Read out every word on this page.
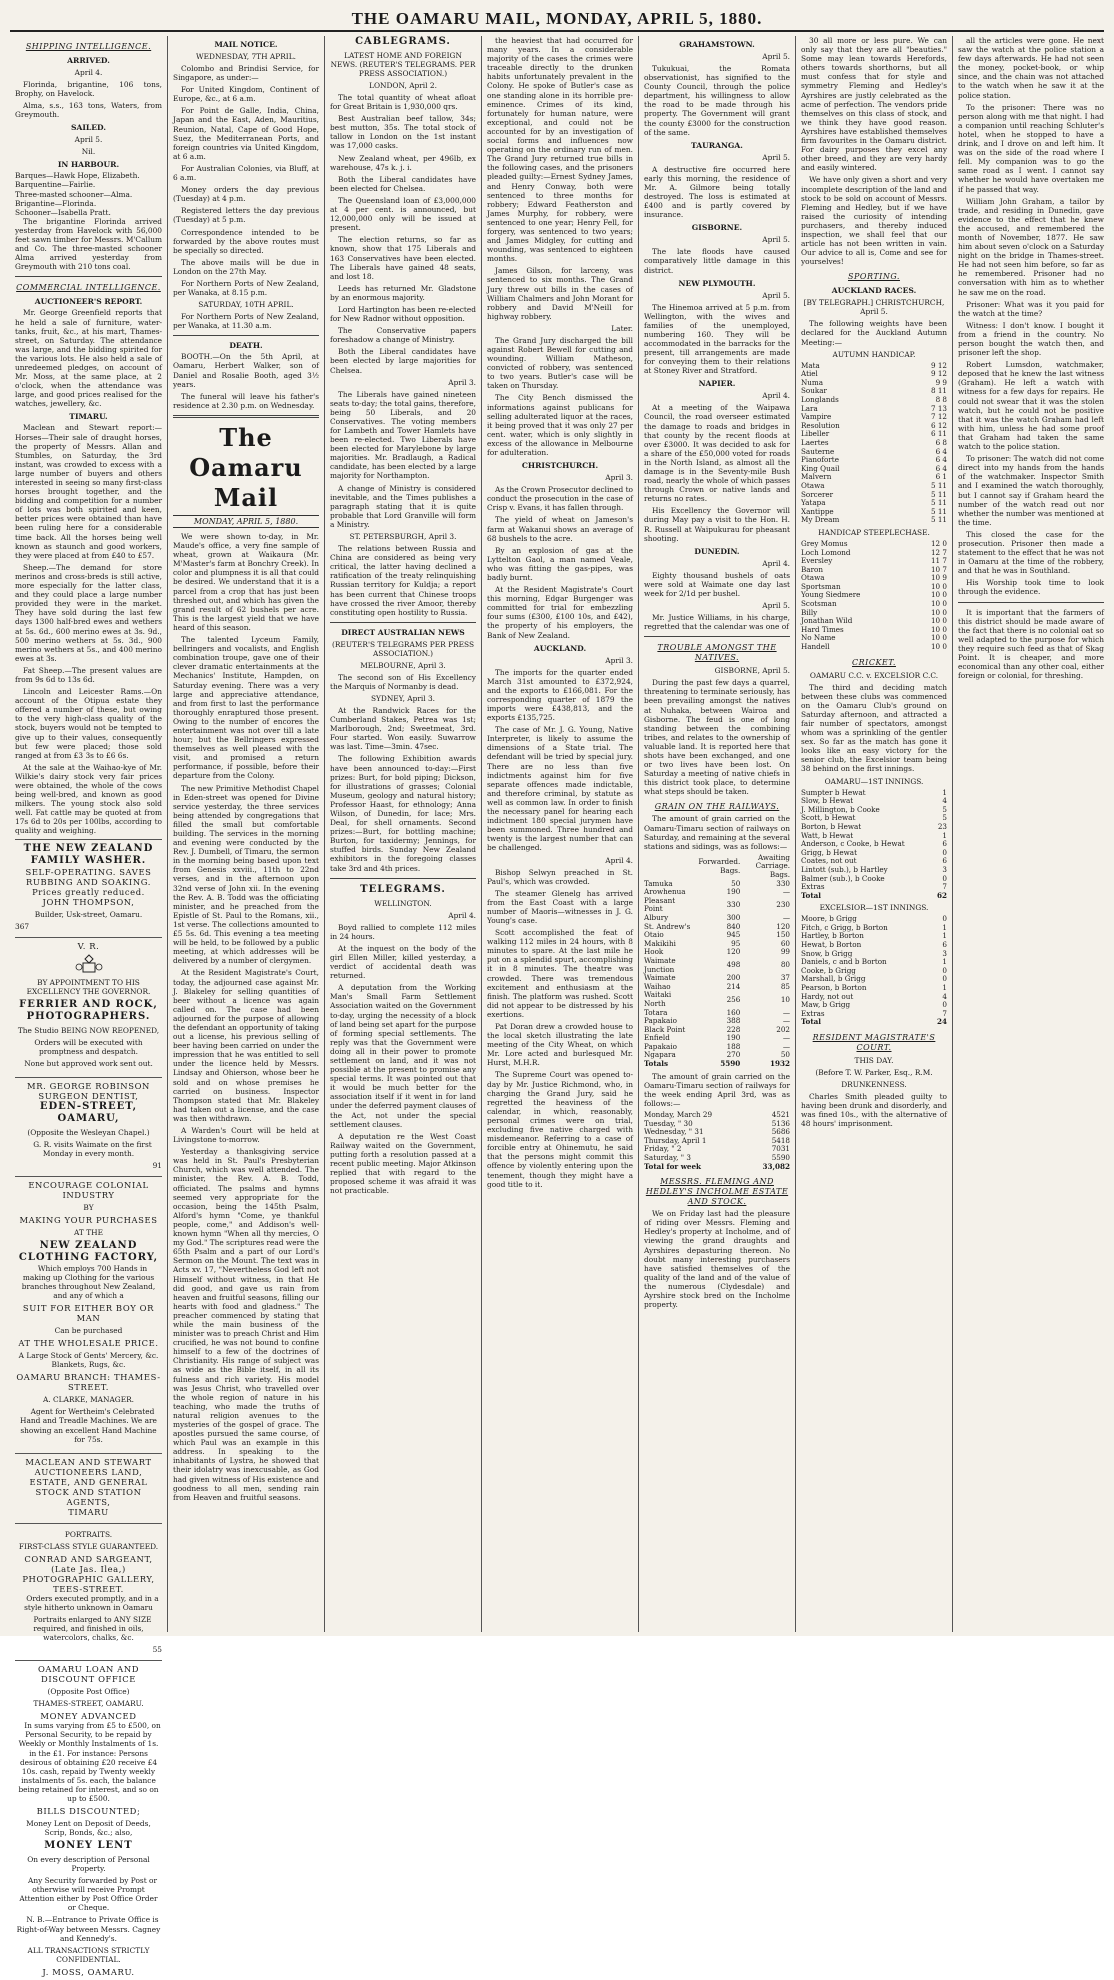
THE OAMARU MAIL, MONDAY, APRIL 5, 1880.
SHIPPING INTELLIGENCE.
ARRIVED.
April 4.
Florinda, brigantine, 106 tons, Brophy, on Havelock.
Alma, s.s., 163 tons, Waters, from Greymouth.
SAILED.
April 5.
Nil.
IN HARBOUR.
Barques—Hawk Hope, Elizabeth.
Barquentine—Fairlie.
Three-masted schooner—Alma.
Brigantine—Florinda.
Schooner—Isabella Pratt.
The brigantine Florinda arrived yesterday from Havelock with 56,000 feet sawn timber for Messrs. M'Callum and Co. The three-masted schooner Alma arrived yesterday from Greymouth with 210 tons coal.
COMMERCIAL INTELLIGENCE.
AUCTIONEER'S REPORT.
Mr. George Greenfield reports that he held a sale of furniture, water-tanks, fruit, &c., at his mart, Thames-street, on Saturday. The attendance was large, and the bidding spirited for the various lots. He also held a sale of unredeemed pledges, on account of Mr. Moss, at the same place, at 2 o'clock, when the attendance was large, and good prices realised for the watches, jewellery, &c.
TIMARU.
Maclean and Stewart report:—Horses—Their sale of draught horses, the property of Messrs. Allan and Stumbles, on Saturday, the 3rd instant, was crowded to excess with a large number of buyers and others interested in seeing so many first-class horses brought together, and the bidding and competition for a number of lots was both spirited and keen, better prices were obtained than have been ruling here for a considerable time back. All the horses being well known as staunch and good workers, they were placed at from £40 to £57.
Sheep.—The demand for store merinos and cross-breds is still active, more especially for the latter class, and they could place a large number provided they were in the market. They have sold during the last few days 1300 half-bred ewes and wethers at 5s. 6d., 600 merino ewes at 3s. 9d., 500 merino wethers at 5s. 3d., 900 merino wethers at 5s., and 400 merino ewes at 3s.
Fat Sheep.—The present values are from 9s 6d to 13s 6d.
Lincoln and Leicester Rams.—On account of the Otipua estate they offered a number of these, but owing to the very high-class quality of the stock, buyers would not be tempted to give up to their values, consequently but few were placed; those sold ranged at from £3 3s to £6 6s.
At the sale at the Waihao-kye of Mr. Wilkie's dairy stock very fair prices were obtained, the whole of the cows being well-bred, and known as good milkers. The young stock also sold well. Fat cattle may be quoted at from 17s 6d to 20s per 100lbs, according to quality and weighing.
THE NEW ZEALAND FAMILY WASHER.
SELF-OPERATING. SAVES RUBBING AND SOAKING. Prices greatly reduced.
JOHN THOMPSON,
Builder, Usk-street, Oamaru.
367
V. R.
BY APPOINTMENT TO HIS EXCELLENCY THE GOVERNOR.
FERRIER AND ROCK, PHOTOGRAPHERS.
The Studio BEING NOW REOPENED,
Orders will be executed with promptness and despatch.
None but approved work sent out.
MR. GEORGE ROBINSON SURGEON DENTIST,
EDEN-STREET, OAMARU,
(Opposite the Wesleyan Chapel.)
G. R. visits Waimate on the first Monday in every month.
91
ENCOURAGE COLONIAL INDUSTRY
BY
MAKING YOUR PURCHASES
AT THE
NEW ZEALAND CLOTHING FACTORY,
Which employs 700 Hands in making up Clothing for the various branches throughout New Zealand, and any of which a
SUIT FOR EITHER BOY OR MAN
Can be purchased
AT THE WHOLESALE PRICE.
A Large Stock of Gents' Mercery, &c. Blankets, Rugs, &c.
OAMARU BRANCH: THAMES-STREET.
A. CLARKE, MANAGER.
Agent for Wertheim's Celebrated Hand and Treadle Machines. We are showing an excellent Hand Machine for 75s.
MACLEAN AND STEWART AUCTIONEERS LAND, ESTATE, AND GENERAL STOCK AND STATION AGENTS,
TIMARU
PORTRAITS.
FIRST-CLASS STYLE GUARANTEED.
CONRAD AND SARGEANT, (Late Jas. Ilea,) PHOTOGRAPHIC GALLERY, TEES-STREET.
Orders executed promptly, and in a style hitherto unknown in Oamaru
Portraits enlarged to ANY SIZE required, and finished in oils, watercolors, chalks, &c.
55
OAMARU LOAN AND DISCOUNT OFFICE
(Opposite Post Office)
THAMES-STREET, OAMARU.
MONEY ADVANCED
In sums varying from £5 to £500, on Personal Security, to be repaid by Weekly or Monthly Instalments of 1s. in the £1. For instance: Persons desirous of obtaining £20 receive £4 10s. cash, repaid by Twenty weekly instalments of 5s. each, the balance being retained for interest, and so on up to £500.
BILLS DISCOUNTED;
Money Lent on Deposit of Deeds, Scrip, Bonds, &c.; also,
MONEY LENT
On every description of Personal Property.
Any Security forwarded by Post or otherwise will receive Prompt Attention either by Post Office Order or Cheque.
N. B.—Entrance to Private Office is Right-of-Way between Messrs. Cagney and Kennedy's.
ALL TRANSACTIONS STRICTLY CONFIDENTIAL.
J. MOSS, OAMARU.
MAIL NOTICE.
WEDNESDAY, 7TH APRIL.
Colombo and Brindisi Service, for Singapore, as under:—
For United Kingdom, Continent of Europe, &c., at 6 a.m.
For Point de Galle, India, China, Japan and the East, Aden, Mauritius, Reunion, Natal, Cape of Good Hope, Suez, the Mediterranean Ports, and foreign countries via United Kingdom, at 6 a.m.
For Australian Colonies, via Bluff, at 6 a.m.
Money orders the day previous (Tuesday) at 4 p.m.
Registered letters the day previous (Tuesday) at 5 p.m.
Correspondence intended to be forwarded by the above routes must be specially so directed.
The above mails will be due in London on the 27th May.
For Northern Ports of New Zealand, per Wanaka, at 8.15 p.m.
SATURDAY, 10TH APRIL.
For Northern Ports of New Zealand, per Wanaka, at 11.30 a.m.
DEATH.
BOOTH.—On the 5th April, at Oamaru, Herbert Walker, son of Daniel and Rosalie Booth, aged 3½ years.
The funeral will leave his father's residence at 2.30 p.m. on Wednesday.
The Oamaru Mail
MONDAY, APRIL 5, 1880.
We were shown to-day, in Mr. Maude's office, a very fine sample of wheat, grown at Waikaura (Mr. M'Master's farm at Bonchry Creek). In color and plumpness it is all that could be desired. We understand that it is a parcel from a crop that has just been threshed out, and which has given the grand result of 62 bushels per acre. This is the largest yield that we have heard of this season.
The talented Lyceum Family, bellringers and vocalists, and English combination troupe, gave one of their clever dramatic entertainments at the Mechanics' Institute, Hampden, on Saturday evening. There was a very large and appreciative attendance, and from first to last the performance thoroughly enraptured those present. Owing to the number of encores the entertainment was not over till a late hour; but the Bellringers expressed themselves as well pleased with the visit, and promised a return performance, if possible, before their departure from the Colony.
The new Primitive Methodist Chapel in Eden-street was opened for Divine service yesterday, the three services being attended by congregations that filled the small but comfortable building. The services in the morning and evening were conducted by the Rev. J. Dumbell, of Timaru, the sermon in the morning being based upon text from Genesis xxviii., 11th to 22nd verses, and in the afternoon upon 32nd verse of John xii. In the evening the Rev. A. B. Todd was the officiating minister, and he preached from the Epistle of St. Paul to the Romans, xii., 1st verse. The collections amounted to £5 5s. 6d. This evening a tea meeting will be held, to be followed by a public meeting, at which addresses will be delivered by a number of clergymen.
At the Resident Magistrate's Court, today, the adjourned case against Mr. J. Blakeley for selling quantities of beer without a licence was again called on. The case had been adjourned for the purpose of allowing the defendant an opportunity of taking out a license, his previous selling of beer having been carried on under the impression that he was entitled to sell under the licence held by Messrs. Lindsay and Ohierson, whose beer he sold and on whose premises he carried on business. Inspector Thompson stated that Mr. Blakeley had taken out a license, and the case was then withdrawn.
A Warden's Court will be held at Livingstone to-morrow.
Yesterday a thanksgiving service was held in St. Paul's Presbyterian Church, which was well attended. The minister, the Rev. A. B. Todd, officiated. The psalms and hymns seemed very appropriate for the occasion, being the 145th Psalm, Alford's hymn "Come, ye thankful people, come," and Addison's well-known hymn "When all thy mercies, O my God." The scriptures read were the 65th Psalm and a part of our Lord's Sermon on the Mount. The text was in Acts xv. 17, "Nevertheless God left not Himself without witness, in that He did good, and gave us rain from heaven and fruitful seasons, filling our hearts with food and gladness." The preacher commenced by stating that while the main business of the minister was to preach Christ and Him crucified, he was not bound to confine himself to a few of the doctrines of Christianity. His range of subject was as wide as the Bible itself, in all its fulness and rich variety. His model was Jesus Christ, who travelled over the whole region of nature in his teaching, who made the truths of natural religion avenues to the mysteries of the gospel of grace. The apostles pursued the same course, of which Paul was an example in this address. In speaking to the inhabitants of Lystra, he showed that their idolatry was inexcusable, as God had given witness of His existence and goodness to all men, sending rain from Heaven and fruitful seasons.
CABLEGRAMS.
LATEST HOME AND FOREIGN NEWS. (REUTER'S TELEGRAMS. PER PRESS ASSOCIATION.)
LONDON, April 2.
The total quantity of wheat afloat for Great Britain is 1,930,000 qrs.
Best Australian beef tallow, 34s; best mutton, 35s. The total stock of tallow in London on the 1st instant was 17,000 casks.
New Zealand wheat, per 496lb, ex warehouse, 47s k. j. i.
Both the Liberal candidates have been elected for Chelsea.
The Queensland loan of £3,000,000 at 4 per cent. is announced, but 12,000,000 only will be issued at present.
The election returns, so far as known, show that 175 Liberals and 163 Conservatives have been elected. The Liberals have gained 48 seats, and lost 18.
Leeds has returned Mr. Gladstone by an enormous majority.
Lord Hartington has been re-elected for New Radnor without opposition.
The Conservative papers foreshadow a change of Ministry.
Both the Liberal candidates have been elected by large majorities for Chelsea.
April 3.
The Liberals have gained nineteen seats to-day; the total gains, therefore, being 50 Liberals, and 20 Conservatives. The voting members for Lambeth and Tower Hamlets have been re-elected. Two Liberals have been elected for Marylebone by large majorities. Mr. Bradlaugh, a Radical candidate, has been elected by a large majority for Northampton.
A change of Ministry is considered inevitable, and the Times publishes a paragraph stating that it is quite probable that Lord Granville will form a Ministry.
ST. PETERSBURGH, April 3.
The relations between Russia and China are considered as being very critical, the latter having declined a ratification of the treaty relinquishing Russian territory for Kuldja; a report has been current that Chinese troops have crossed the river Amoor, thereby constituting open hostility to Russia.
DIRECT AUSTRALIAN NEWS
(REUTER'S TELEGRAMS PER PRESS ASSOCIATION.)
MELBOURNE, April 3.
The second son of His Excellency the Marquis of Normanby is dead.
SYDNEY, April 3.
At the Randwick Races for the Cumberland Stakes, Petrea was 1st; Marlborough, 2nd; Sweetmeat, 3rd. Four started. Won easily. Suwarrow was last. Time—3min. 47sec.
The following Exhibition awards have been announced to-day:—First prizes: Burt, for bold piping; Dickson, for illustrations of grasses; Colonial Museum, geology and natural history; Professor Haast, for ethnology; Anna Wilson, of Dunedin, for lace; Mrs. Deal, for shell ornaments. Second prizes:—Burt, for bottling machine; Burton, for taxidermy; Jennings, for stuffed birds. Sunday New Zealand exhibitors in the foregoing classes take 3rd and 4th prices.
TELEGRAMS.
WELLINGTON.
April 4.
Boyd rallied to complete 112 miles in 24 hours.
At the inquest on the body of the girl Ellen Miller, killed yesterday, a verdict of accidental death was returned.
A deputation from the Working Man's Small Farm Settlement Association waited on the Government to-day, urging the necessity of a block of land being set apart for the purpose of forming special settlements. The reply was that the Government were doing all in their power to promote settlement on land, and it was not possible at the present to promise any special terms. It was pointed out that it would be much better for the association itself if it went in for land under the deferred payment clauses of the Act, not under the special settlement clauses.
A deputation re the West Coast Railway waited on the Government, putting forth a resolution passed at a recent public meeting. Major Atkinson replied that with regard to the proposed scheme it was afraid it was not practicable.
the heaviest that had occurred for many years. In a considerable majority of the cases the crimes were traceable directly to the drunken habits unfortunately prevalent in the Colony. He spoke of Butler's case as one standing alone in its horrible pre-eminence. Crimes of its kind, fortunately for human nature, were exceptional, and could not be accounted for by an investigation of social forms and influences now operating on the ordinary run of men. The Grand Jury returned true bills in the following cases, and the prisoners pleaded guilty:—Ernest Sydney James, and Henry Conway, both were sentenced to three months for robbery; Edward Featherston and James Murphy, for robbery, were sentenced to one year; Henry Fell, for forgery, was sentenced to two years; and James Midgley, for cutting and wounding, was sentenced to eighteen months.
James Gilson, for larceny, was sentenced to six months. The Grand Jury threw out bills in the cases of William Chalmers and John Morant for robbery and David M'Neill for highway robbery.
Later.
The Grand Jury discharged the bill against Robert Bewell for cutting and wounding. William Matheson, convicted of robbery, was sentenced to two years. Butler's case will be taken on Thursday.
The City Bench dismissed the informations against publicans for selling adulterated liquor at the races, it being proved that it was only 27 per cent. water, which is only slightly in excess of the allowance in Melbourne for adulteration.
CHRISTCHURCH.
April 3.
As the Crown Prosecutor declined to conduct the prosecution in the case of Crisp v. Evans, it has fallen through.
The yield of wheat on Jameson's farm at Wakanui shows an average of 68 bushels to the acre.
By an explosion of gas at the Lyttelton Gaol, a man named Veale, who was fitting the gas-pipes, was badly burnt.
At the Resident Magistrate's Court this morning, Edgar Burgenger was committed for trial for embezzling four sums (£300, £100 10s, and £42), the property of his employers, the Bank of New Zealand.
AUCKLAND.
April 3.
The imports for the quarter ended March 31st amounted to £372,924, and the exports to £166,081. For the corresponding quarter of 1879 the imports were £438,813, and the exports £135,725.
The case of Mr. J. G. Young, Native Interpreter, is likely to assume the dimensions of a State trial. The defendant will be tried by special jury. There are no less than five indictments against him for five separate offences made indictable, and therefore criminal, by statute as well as common law. In order to finish the necessary panel for hearing each indictment 180 special jurymen have been summoned. Three hundred and twenty is the largest number that can be challenged.
April 4.
Bishop Selwyn preached in St. Paul's, which was crowded.
The steamer Glenelg has arrived from the East Coast with a large number of Maoris—witnesses in J. G. Young's case.
Scott accomplished the feat of walking 112 miles in 24 hours, with 8 minutes to spare. At the last mile he put on a splendid spurt, accomplishing it in 8 minutes. The theatre was crowded. There was tremendous excitement and enthusiasm at the finish. The platform was rushed. Scott did not appear to be distressed by his exertions.
Pat Doran drew a crowded house to the local sketch illustrating the late meeting of the City Wheat, on which Mr. Lore acted and burlesqued Mr. Hurst, M.H.R.
The Supreme Court was opened to-day by Mr. Justice Richmond, who, in charging the Grand Jury, said he regretted the heaviness of the calendar, in which, reasonably, personal crimes were on trial, excluding five native charged with misdemeanor. Referring to a case of forcible entry at Ohinemutu, he said that the persons might commit this offence by violently entering upon the tenement, though they might have a good title to it.
GRAHAMSTOWN.
April 5.
Tukukuai, the Romata observationist, has signified to the County Council, through the police department, his willingness to allow the road to be made through his property. The Government will grant the county £3000 for the construction of the same.
TAURANGA.
April 5.
A destructive fire occurred here early this morning, the residence of Mr. A. Gilmore being totally destroyed. The loss is estimated at £400 and is partly covered by insurance.
GISBORNE.
April 5.
The late floods have caused comparatively little damage in this district.
NEW PLYMOUTH.
April 5.
The Hinemoa arrived at 5 p.m. from Wellington, with the wives and families of the unemployed, numbering 160. They will be accommodated in the barracks for the present, till arrangements are made for conveying them to their relations at Stoney River and Stratford.
NAPIER.
April 4.
At a meeting of the Waipawa Council, the road overseer estimated the damage to roads and bridges in that county by the recent floods at over £3000. It was decided to ask for a share of the £50,000 voted for roads in the North Island, as almost all the damage is in the Seventy-mile Bush road, nearly the whole of which passes through Crown or native lands and returns no rates.
His Excellency the Governor will during May pay a visit to the Hon. H. R. Russell at Waipukurau for pheasant shooting.
DUNEDIN.
April 4.
Eighty thousand bushels of oats were sold at Waimate one day last week for 2/1d per bushel.
April 5.
Mr. Justice Williams, in his charge, regretted that the calendar was one of
TROUBLE AMONGST THE NATIVES.
GISBORNE, April 5.
During the past few days a quarrel, threatening to terminate seriously, has been prevailing amongst the natives at Nuhaka, between Wairoa and Gisborne. The feud is one of long standing between the combining tribes, and relates to the ownership of valuable land. It is reported here that shots have been exchanged, and one or two lives have been lost. On Saturday a meeting of native chiefs in this district took place, to determine what steps should be taken.
GRAIN ON THE RAILWAYS.
The amount of grain carried on the Oamaru-Timaru section of railways on Saturday, and remaining at the several stations and sidings, was as follows:—
	Forwarded. Bags.	Awaiting Carriage. Bags.
Tamuka	50	330
Arowhenua	190	—
Pleasant Point	330	230
Albury	300	—
St. Andrew's	840	120
Otaio	945	150
Makikihi	95	60
Hook	120	99
Waimate Junction	498	80
Waimate	200	37
Waihao	214	85
Waitaki North	256	10
Totara	160	—
Papakaio	388	—
Black Point	228	202
Enfield	190	—
Papakaio	188	—
Ngapara	270	50
Totals	5590	1932
The amount of grain carried on the Oamaru-Timaru section of railways for the week ending April 3rd, was as follows:—
Monday, March 29	4521
Tuesday, " 30	5136
Wednesday, " 31	5686
Thursday, April 1	5418
Friday, " 2	7031
Saturday, " 3	5590
Total for week	33,082
MESSRS. FLEMING AND HEDLEY'S INCHOLME ESTATE AND STOCK.
We on Friday last had the pleasure of riding over Messrs. Fleming and Hedley's property at Incholme, and of viewing the grand draughts and Ayrshires depasturing thereon. No doubt many interesting purchasers have satisfied themselves of the quality of the land and of the value of the numerous (Clydesdale) and Ayrshire stock bred on the Incholme property.
30 all more or less pure. We can only say that they are all "beauties." Some may lean towards Herefords, others towards shorthorns, but all must confess that for style and symmetry Fleming and Hedley's Ayrshires are justly celebrated as the acme of perfection. The vendors pride themselves on this class of stock, and we think they have good reason. Ayrshires have established themselves firm favourites in the Oamaru district. For dairy purposes they excel any other breed, and they are very hardy and easily wintered.
We have only given a short and very incomplete description of the land and stock to be sold on account of Messrs. Fleming and Hedley, but if we have raised the curiosity of intending purchasers, and thereby induced inspection, we shall feel that our article has not been written in vain. Our advice to all is, Come and see for yourselves!
SPORTING.
AUCKLAND RACES.
[BY TELEGRAPH.] CHRISTCHURCH, April 5.
The following weights have been declared for the Auckland Autumn Meeting:—
AUTUMN HANDICAP.
Mata	9 12
Atiel	9 12
Numa	9 9
Soukar	8 11
Longlands	8 8
Lara	7 13
Vampire	7 12
Resolution	6 12
Libeller	6 11
Laertes	6 8
Sauterne	6 4
Pianoforte	6 4
King Quail	6 4
Malvern	6 1
Otawa	5 11
Sorcerer	5 11
Yatapa	5 11
Xantippe	5 11
My Dream	5 11
HANDICAP STEEPLECHASE.
Grey Momus	12 0
Loch Lomond	12 7
Eversley	11 7
Baron	10 7
Otawa	10 9
Sportsman	10 0
Young Siedmere	10 0
Scotsman	10 0
Billy	10 0
Jonathan Wild	10 0
Hard Times	10 0
No Name	10 0
Handell	10 0
CRICKET.
OAMARU C.C. v. EXCELSIOR C.C.
The third and deciding match between these clubs was commenced on the Oamaru Club's ground on Saturday afternoon, and attracted a fair number of spectators, amongst whom was a sprinkling of the gentler sex. So far as the match has gone it looks like an easy victory for the senior club, the Excelsior team being 38 behind on the first innings.
OAMARU—1ST INNINGS.
Sumpter b Hewat	1
Slow, b Hewat	4
J. Millington, b Cooke	5
Scott, b Hewat	5
Borton, b Hewat	23
Watt, b Hewat	1
Anderson, c Cooke, b Hewat	6
Grigg, b Hewat	0
Coates, not out	6
Lintott (sub.), b Hartley	3
Balmer (sub.), b Cooke	0
Extras	7
Total	62
EXCELSIOR—1ST INNINGS.
Moore, b Grigg	0
Fitch, c Grigg, b Borton	1
Hartley, b Borton	1
Hewat, b Borton	6
Snow, b Grigg	3
Daniels, c and b Borton	1
Cooke, b Grigg	0
Marshall, b Grigg	0
Pearson, b Borton	1
Hardy, not out	4
Maw, b Grigg	0
Extras	7
Total	24
RESIDENT MAGISTRATE'S COURT.
THIS DAY.
(Before T. W. Parker, Esq., R.M.
DRUNKENNESS.
Charles Smith pleaded guilty to having been drunk and disorderly, and was fined 10s., with the alternative of 48 hours' imprisonment.
all the articles were gone. He next saw the watch at the police station a few days afterwards. He had not seen the money, pocket-book, or whip since, and the chain was not attached to the watch when he saw it at the police station.
To the prisoner: There was no person along with me that night. I had a companion until reaching Schluter's hotel, when he stopped to have a drink, and I drove on and left him. It was on the side of the road where I fell. My companion was to go the same road as I went. I cannot say whether he would have overtaken me if he passed that way.
William John Graham, a tailor by trade, and residing in Dunedin, gave evidence to the effect that he knew the accused, and remembered the month of November, 1877. He saw him about seven o'clock on a Saturday night on the bridge in Thames-street. He had not seen him before, so far as he remembered. Prisoner had no conversation with him as to whether he saw me on the road.
Prisoner: What was it you paid for the watch at the time?
Witness: I don't know. I bought it from a friend in the country. No person bought the watch then, and prisoner left the shop.
Robert Lumsdon, watchmaker, deposed that he knew the last witness (Graham). He left a watch with witness for a few days for repairs. He could not swear that it was the stolen watch, but he could not be positive that it was the watch Graham had left with him, unless he had some proof that Graham had taken the same watch to the police station.
To prisoner: The watch did not come direct into my hands from the hands of the watchmaker. Inspector Smith and I examined the watch thoroughly, but I cannot say if Graham heard the number of the watch read out nor whether the number was mentioned at the time.
This closed the case for the prosecution. Prisoner then made a statement to the effect that he was not in Oamaru at the time of the robbery, and that he was in Southland.
His Worship took time to look through the evidence.
It is important that the farmers of this district should be made aware of the fact that there is no colonial oat so well adapted to the purpose for which they require such feed as that of Skag Point. It is cheaper, and more economical than any other coal, either foreign or colonial, for threshing.
